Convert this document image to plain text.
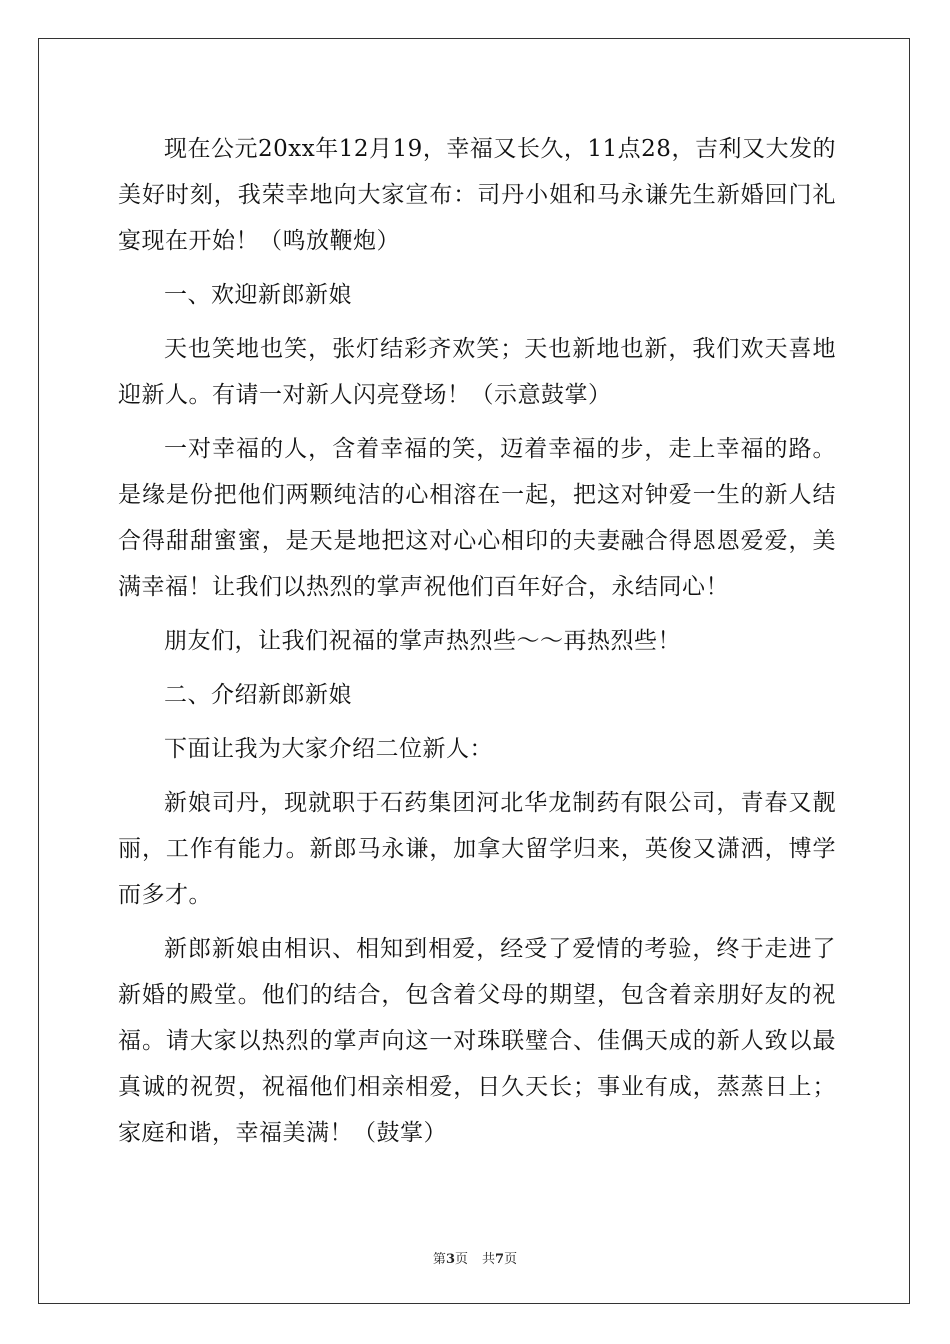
现在公元20xx年12月19，幸福又长久，11点28，吉利又大发的美好时刻，我荣幸地向大家宣布：司丹小姐和马永谦先生新婚回门礼宴现在开始！（鸣放鞭炮）

一、欢迎新郎新娘

天也笑地也笑，张灯结彩齐欢笑；天也新地也新，我们欢天喜地迎新人。有请一对新人闪亮登场！（示意鼓掌）

一对幸福的人，含着幸福的笑，迈着幸福的步，走上幸福的路。是缘是份把他们两颗纯洁的心相溶在一起，把这对钟爱一生的新人结合得甜甜蜜蜜，是天是地把这对心心相印的夫妻融合得恩恩爱爱，美满幸福！让我们以热烈的掌声祝他们百年好合，永结同心！

朋友们，让我们祝福的掌声热烈些～～再热烈些！

二、介绍新郎新娘

下面让我为大家介绍二位新人：

新娘司丹，现就职于石药集团河北华龙制药有限公司，青春又靓丽，工作有能力。新郎马永谦，加拿大留学归来，英俊又潇洒，博学而多才。

新郎新娘由相识、相知到相爱，经受了爱情的考验，终于走进了新婚的殿堂。他们的结合，包含着父母的期望，包含着亲朋好友的祝福。请大家以热烈的掌声向这一对珠联璧合、佳偶天成的新人致以最真诚的祝贺，祝福他们相亲相爱，日久天长；事业有成，蒸蒸日上；家庭和谐，幸福美满！（鼓掌）

第3页 共7页
